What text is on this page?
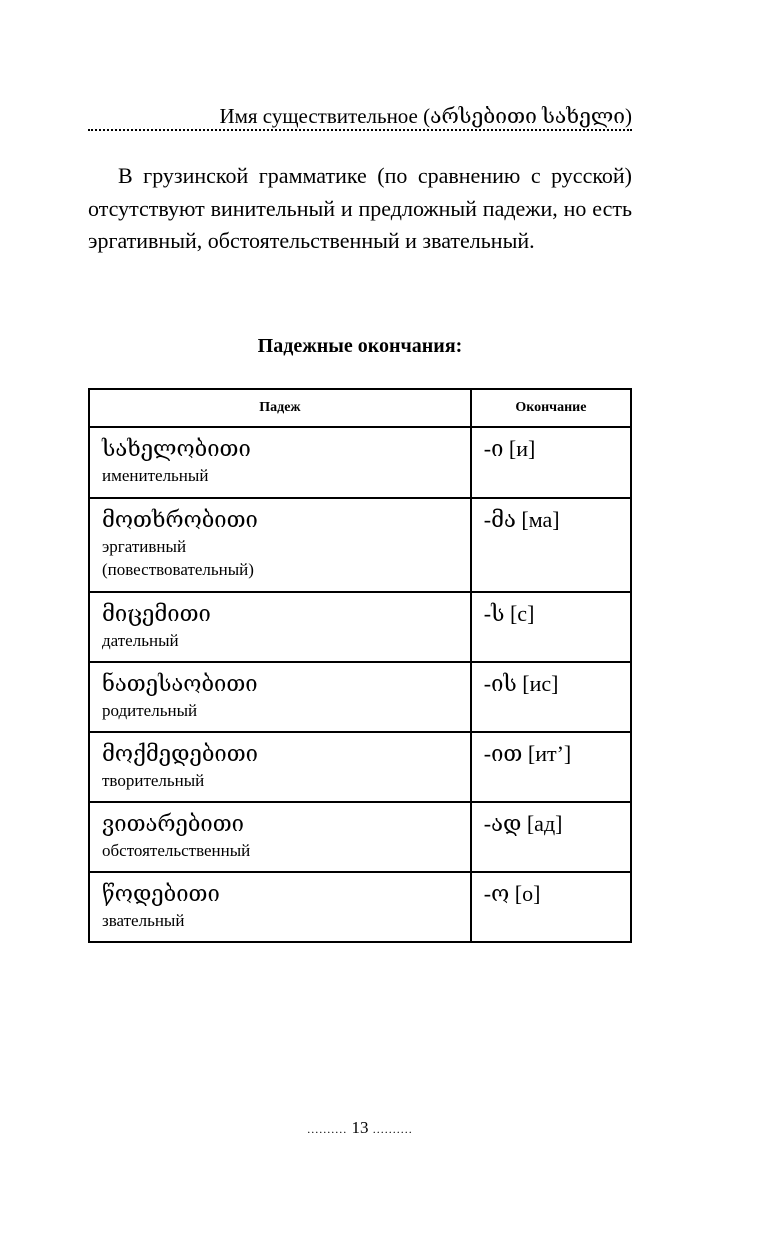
Имя существительное (არსებითი სახელი)

В грузинской грамматике (по сравнению с русской) отсутствуют винительный и предложный падежи, но есть эргативный, обстоятельственный и звательный.

Падежные окончания:
Падеж	Окончание

სახელობითი
именительный	-ი [и]

მოთხრობითი
эргативный
(повествовательный)	-მა [ма]

მიცემითი
дательный	-ს [с]

ნათესაობითი
родительный	-ის [ис]

მოქმედებითი
творительный	-ით [ит’]

ვითარებითი
обстоятельственный	-ად [ад]

წოდებითი
звательный	-ო [о]
.......... 13 ..........
